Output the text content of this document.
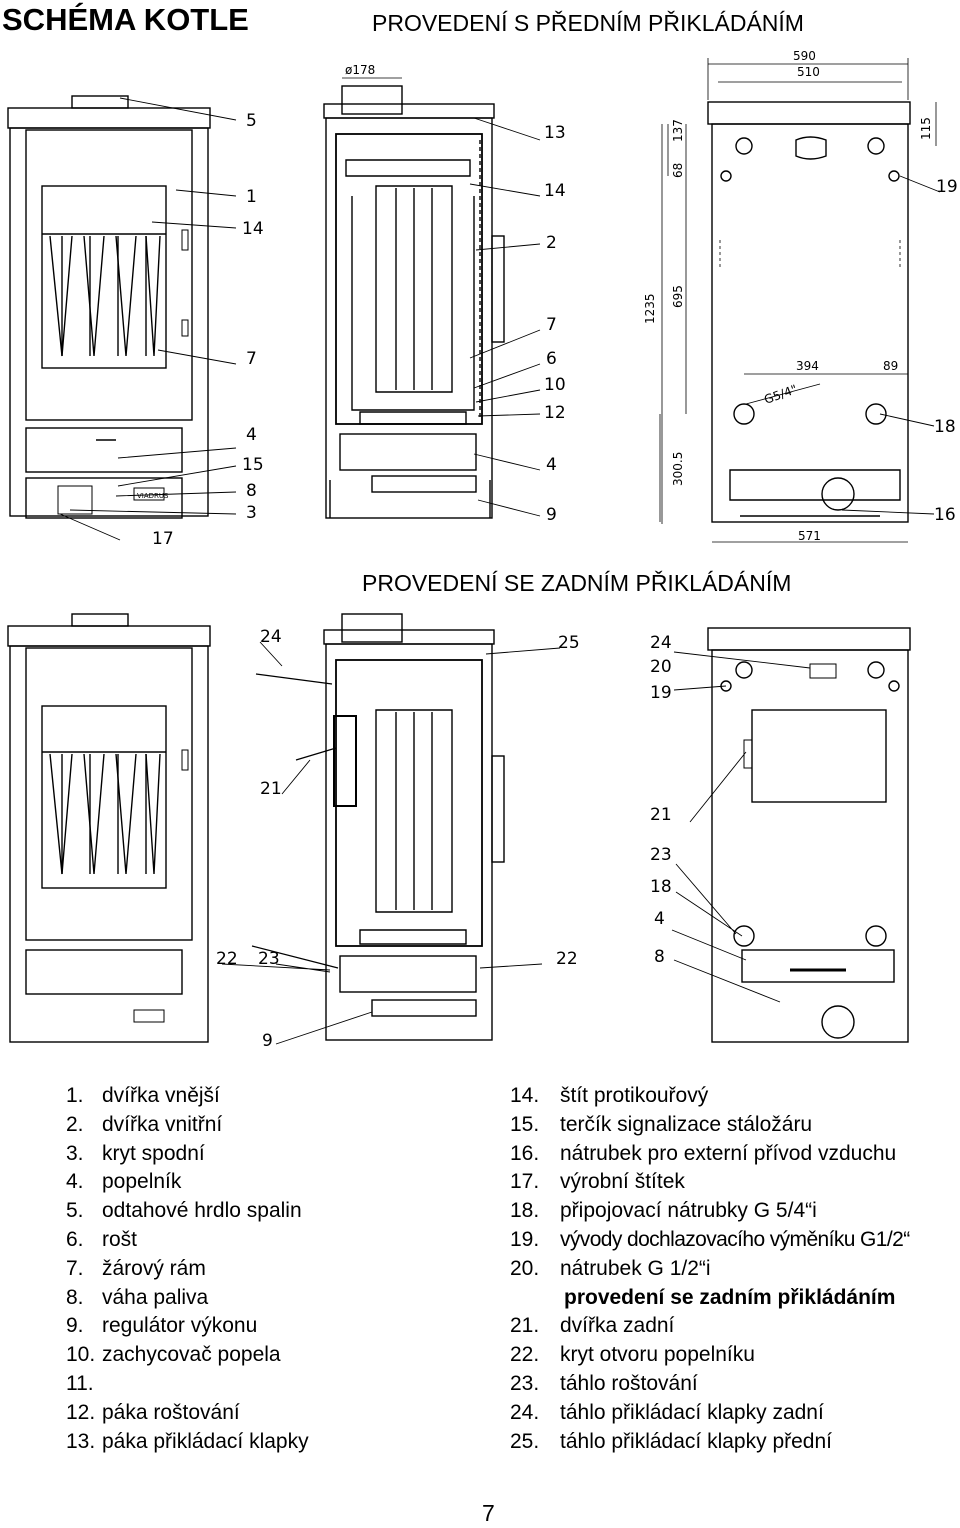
SCHÉMA KOTLE	PROVEDENÍ S PŘEDNÍM PŘIKLÁDÁNÍM
PROVEDENÍ SE ZADNÍM PŘIKLÁDÁNÍM
VIADRUS
ø178
590
510
115
137
68
1235 695
394	89
G5/4"
300.5
571
5
1
14
7
4
15
8
3
17
13
14
2
7
6
10
12
4
9
19
18
16
24
21
22 23
9
25
22
24
20
19
21
23
18
4
8
1. dvířka vnější
2. dvířka vnitřní
3. kryt spodní
4. popelník
5. odtahové hrdlo spalin
6. rošt
7. žárový rám
8. váha paliva
9. regulátor výkonu
10. zachycovač popela
11.
12. páka roštování
13. páka přikládací klapky
14. štít protikouřový
15. terčík signalizace stáložáru
16. nátrubek pro externí přívod vzduchu
17. výrobní štítek
18. připojovací nátrubky G 5/4“i
19. vývody dochlazovacího výměníku G1/2“
20. nátrubek G 1/2“i
provedení se zadním přikládáním
21. dvířka zadní
22. kryt otvoru popelníku
23. táhlo roštování
24. táhlo přikládací klapky zadní
25. táhlo přikládací klapky přední
7
